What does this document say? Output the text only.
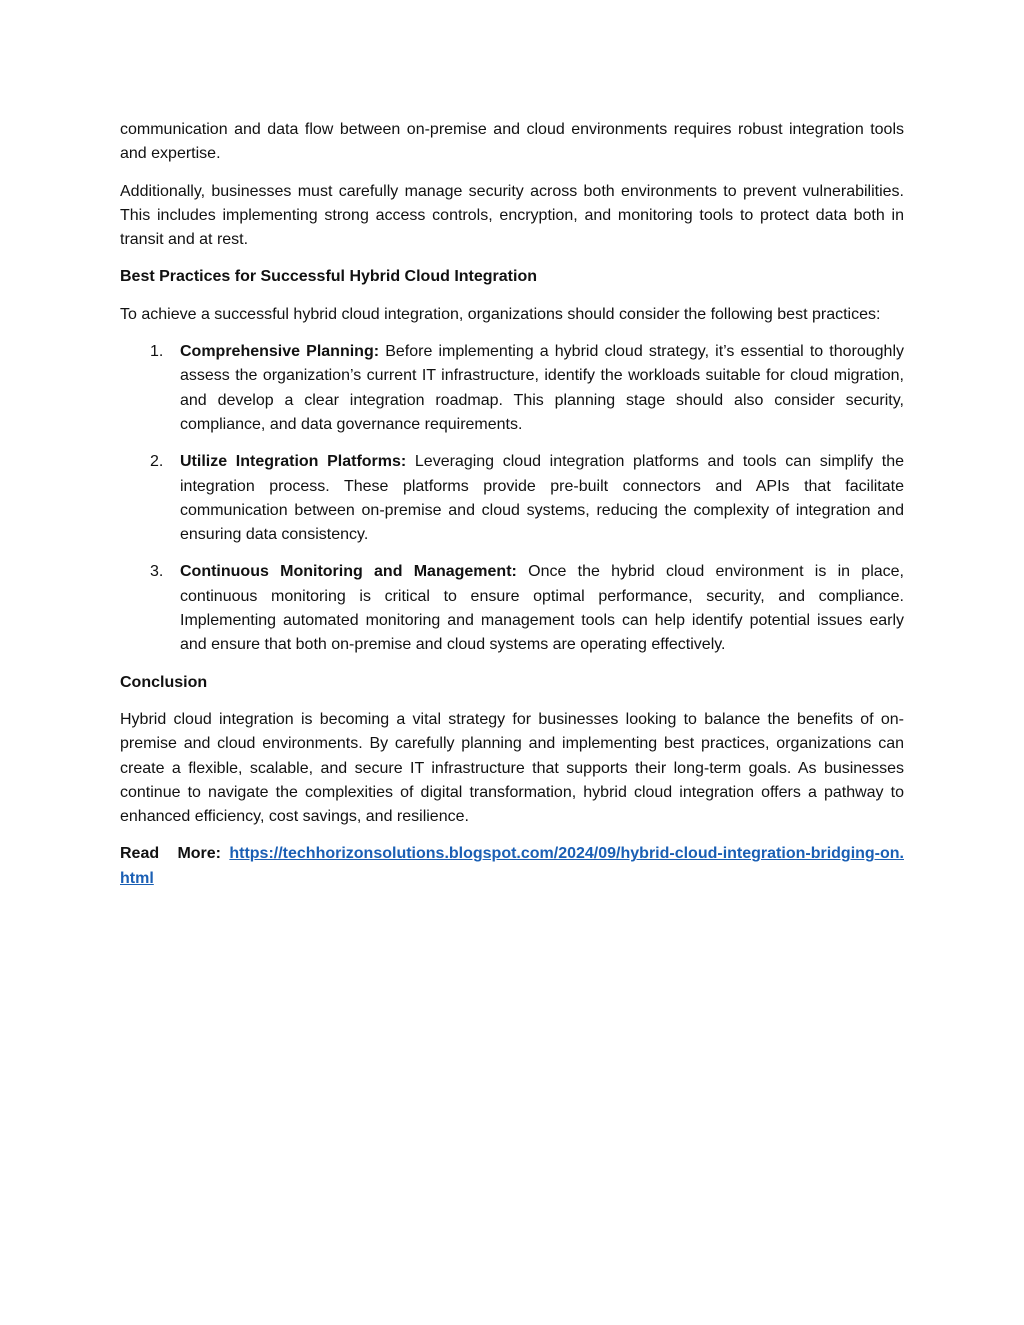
communication and data flow between on-premise and cloud environments requires robust integration tools and expertise.

Additionally, businesses must carefully manage security across both environments to prevent vulnerabilities. This includes implementing strong access controls, encryption, and monitoring tools to protect data both in transit and at rest.

Best Practices for Successful Hybrid Cloud Integration

To achieve a successful hybrid cloud integration, organizations should consider the following best practices:

1. Comprehensive Planning: Before implementing a hybrid cloud strategy, it’s essential to thoroughly assess the organization’s current IT infrastructure, identify the workloads suitable for cloud migration, and develop a clear integration roadmap. This planning stage should also consider security, compliance, and data governance requirements.
2. Utilize Integration Platforms: Leveraging cloud integration platforms and tools can simplify the integration process. These platforms provide pre-built connectors and APIs that facilitate communication between on-premise and cloud systems, reducing the complexity of integration and ensuring data consistency.
3. Continuous Monitoring and Management: Once the hybrid cloud environment is in place, continuous monitoring is critical to ensure optimal performance, security, and compliance. Implementing automated monitoring and management tools can help identify potential issues early and ensure that both on-premise and cloud systems are operating effectively.
Conclusion

Hybrid cloud integration is becoming a vital strategy for businesses looking to balance the benefits of on-premise and cloud environments. By carefully planning and implementing best practices, organizations can create a flexible, scalable, and secure IT infrastructure that supports their long-term goals. As businesses continue to navigate the complexities of digital transformation, hybrid cloud integration offers a pathway to enhanced efficiency, cost savings, and resilience.

Read More: https://techhorizonsolutions.blogspot.com/2024/09/hybrid-cloud-integration-bridging-on.html
